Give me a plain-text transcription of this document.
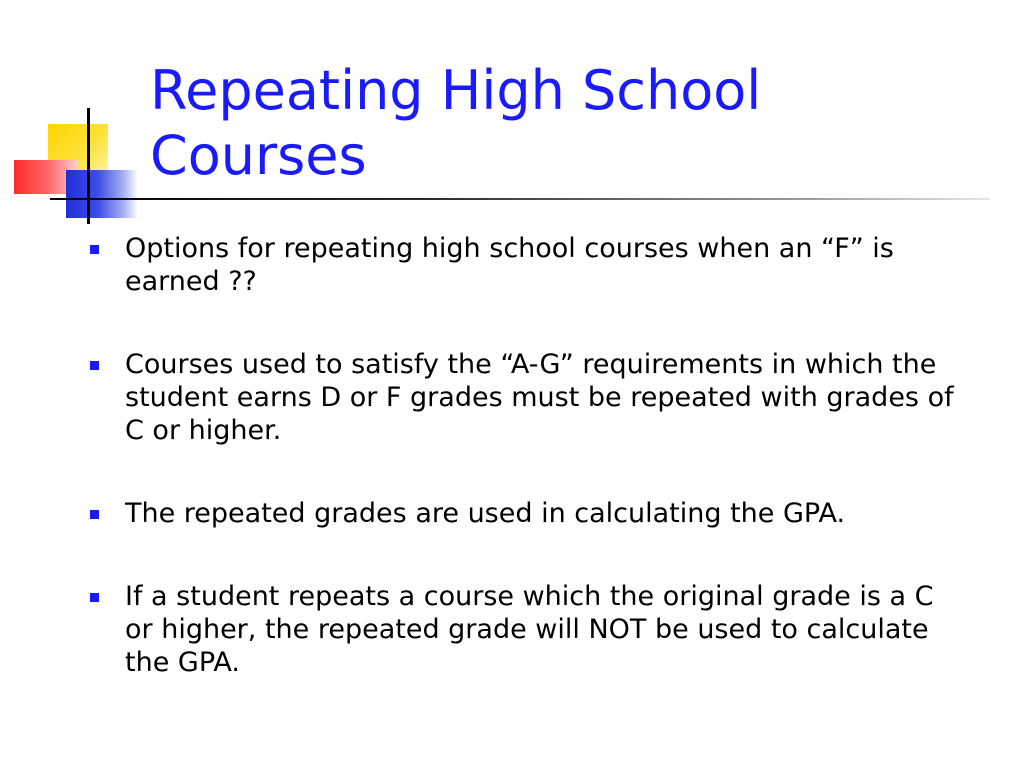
Repeating High School Courses
Options for repeating high school courses when an “F” is earned ??
Courses used to satisfy the “A-G” requirements in which the student earns D or F grades must be repeated with grades of C or higher.
The repeated grades are used in calculating the GPA.
If a student repeats a course which the original grade is a C or higher, the repeated grade will NOT be used to calculate the GPA.
